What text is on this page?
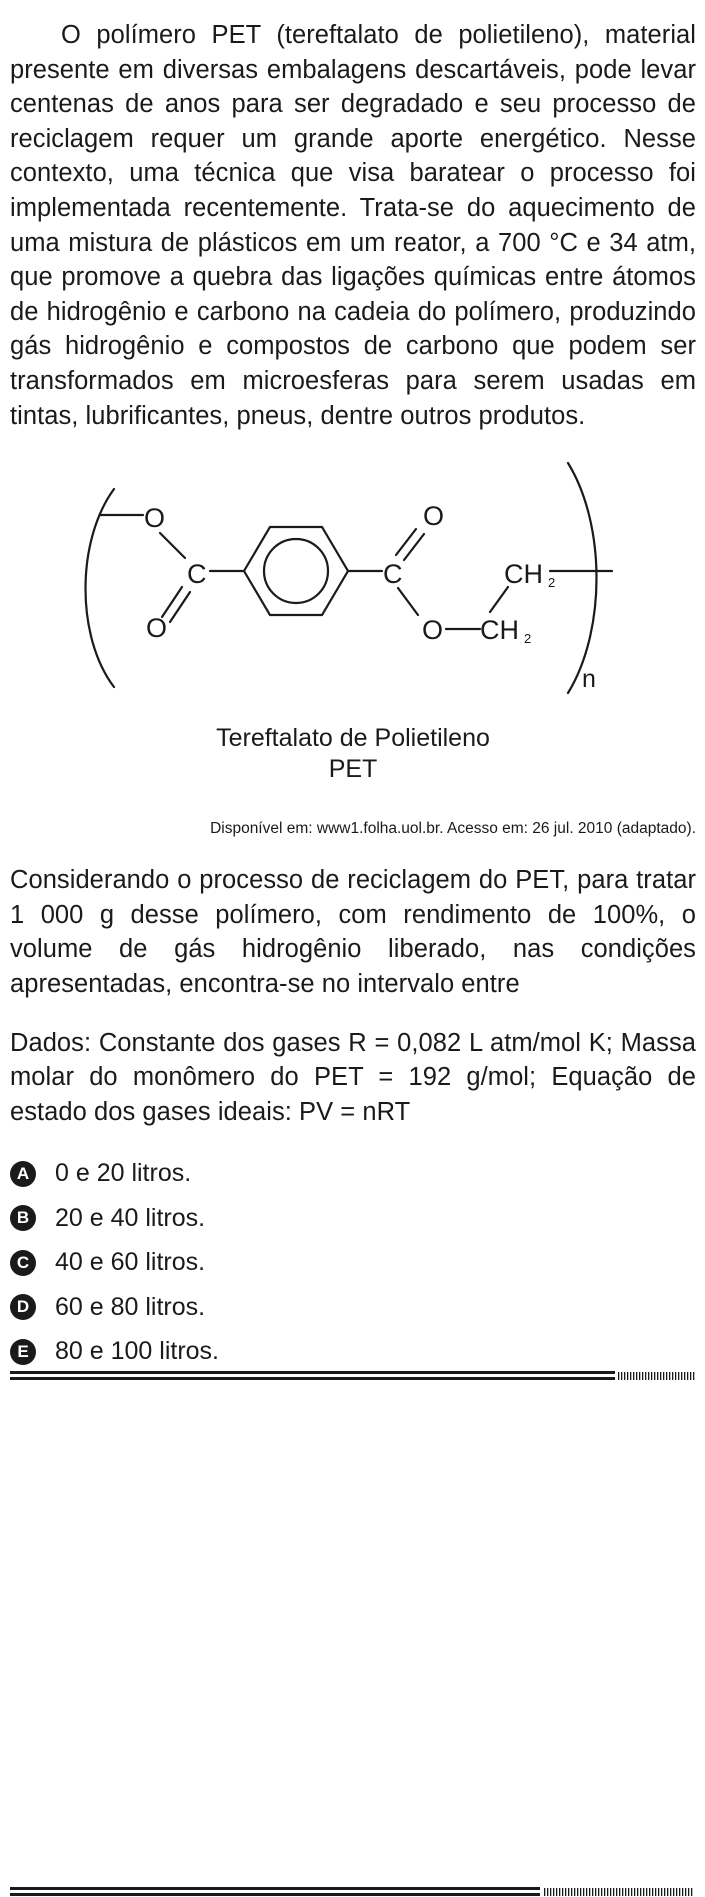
O polímero PET (tereftalato de polietileno), material presente em diversas embalagens descartáveis, pode levar centenas de anos para ser degradado e seu processo de reciclagem requer um grande aporte energético. Nesse contexto, uma técnica que visa baratear o processo foi implementada recentemente. Trata-se do aquecimento de uma mistura de plásticos em um reator, a 700 °C e 34 atm, que promove a quebra das ligações químicas entre átomos de hidrogênio e carbono na cadeia do polímero, produzindo gás hidrogênio e compostos de carbono que podem ser transformados em microesferas para serem usadas em tintas, lubrificantes, pneus, dentre outros produtos.

O
C
O
O
C
O CH 2
CH 2
n
Tereftalato de Polietileno
PET
Disponível em: www1.folha.uol.br. Acesso em: 26 jul. 2010 (adaptado).

Considerando o processo de reciclagem do PET, para tratar 1 000 g desse polímero, com rendimento de 100%, o volume de gás hidrogênio liberado, nas condições apresentadas, encontra-se no intervalo entre

Dados: Constante dos gases R = 0,082 L atm/mol K; Massa molar do monômero do PET = 192 g/mol; Equação de estado dos gases ideais: PV = nRT

A 0 e 20 litros.
B 20 e 40 litros.
C 40 e 60 litros.
D 60 e 80 litros.
E 80 e 100 litros.
